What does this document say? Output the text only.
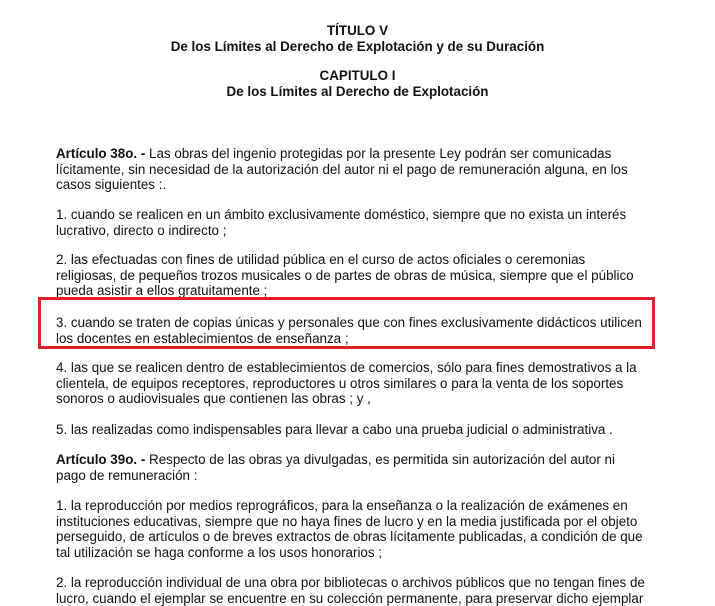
TÍTULO V
De los Límites al Derecho de Explotación y de su Duración
CAPITULO I
De los Límites al Derecho de Explotación
Artículo 38o. - Las obras del ingenio protegidas por la presente Ley podrán ser comunicadas
lícitamente, sin necesidad de la autorización del autor ni el pago de remuneración alguna, en los
casos siguientes :.
1. cuando se realicen en un ámbito exclusivamente doméstico, siempre que no exista un interés
lucrativo, directo o indirecto ;
2. las efectuadas con fines de utilidad pública en el curso de actos oficiales o ceremonias
religiosas, de pequeños trozos musicales o de partes de obras de música, siempre que el público
pueda asistir a ellos gratuitamente ;
3. cuando se traten de copias únicas y personales que con fines exclusivamente didácticos utilicen
los docentes en establecimientos de enseñanza ;
4. las que se realicen dentro de establecimientos de comercios, sólo para fines demostrativos a la
clientela, de equipos receptores, reproductores u otros similares o para la venta de los soportes
sonoros o audiovisuales que contienen las obras ; y ,
5. las realizadas como indispensables para llevar a cabo una prueba judicial o administrativa .
Artículo 39o. - Respecto de las obras ya divulgadas, es permitida sin autorización del autor ni
pago de remuneración :
1. la reproducción por medios reprográficos, para la enseñanza o la realización de exámenes en
instituciones educativas, siempre que no haya fines de lucro y en la media justificada por el objeto
perseguido, de artículos o de breves extractos de obras lícitamente publicadas, a condición de que
tal utilización se haga conforme a los usos honorarios ;
2. la reproducción individual de una obra por bibliotecas o archivos públicos que no tengan fines de
lucro, cuando el ejemplar se encuentre en su colección permanente, para preservar dicho ejemplar
